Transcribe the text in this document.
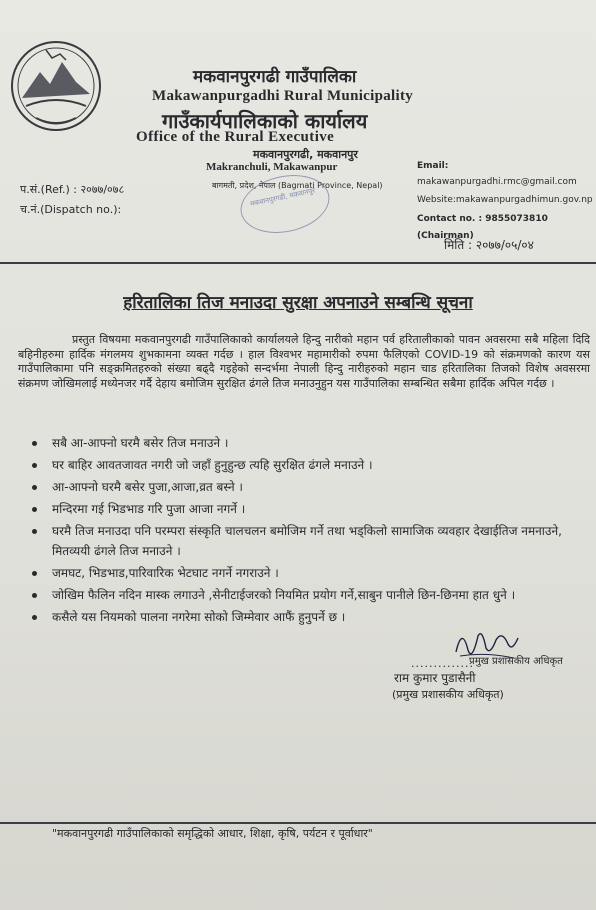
मकवानपुरगढी गाउँपालिका
Makawanpurgadhi Rural Municipality
गाउँकार्यपालिकाको कार्यालय
Office of the Rural Executive
मकवानपुरगढी, मकवानपुर
Makranchuli, Makawanpur
बागमती, प्रदेश, नेपाल (Bagmati Province, Nepal)
मकवानपुरगढी, मकवानपुर
Email:
makawanpurgadhi.rmc@gmail.com
Website:makawanpurgadhimun.gov.np
Contact no. : 9855073810
(Chairman)
प.सं.(Ref.) : २०७७/०७८
च.नं.(Dispatch no.):
मिति : २०७७/०५/०४
हरितालिका तिज मनाउदा सुरक्षा अपनाउने सम्बन्धि सूचना
प्रस्तुत विषयमा मकवानपुरगढी गाउँपालिकाको कार्यालयले हिन्दु नारीको महान पर्व हरितालीकाको पावन अवसरमा सबै महिला दिदि बहिनीहरुमा हार्दिक मंगलमय शुभकामना व्यक्त गर्दछ । हाल विश्वभर महामारीको रुपमा फैलिएको COVID-19 को संक्रमणको कारण यस गाउँपालिकामा पनि सङ्क्रमितहरुको संख्या बढ्दै गइहेको सन्दर्भमा नेपाली हिन्दु नारीहरुको महान चाड हरितालिका तिजको विशेष अवसरमा संक्रमण जोखिमलाई मध्येनजर गर्दै देहाय बमोजिम सुरक्षित ढंगले तिज मनाउनुहुन यस गाउँपालिका सम्बन्धित सबैमा हार्दिक अपिल गर्दछ ।
सबै आ-आफ्नो घरमै बसेर तिज मनाउने ।
घर बाहिर आवतजावत नगरी जो जहाँ हुनुहुन्छ त्यहि सुरक्षित ढंगले मनाउने ।
आ-आफ्नो घरमै बसेर पुजा,आजा,व्रत बस्ने ।
मन्दिरमा गई भिडभाड गरि पुजा आजा नगर्ने ।
घरमै तिज मनाउदा पनि परम्परा संस्कृति चालचलन बमोजिम गर्ने तथा भड्किलो सामाजिक व्यवहार देखाईतिज नमनाउने, मितव्ययी ढंगले तिज मनाउने ।
जमघट, भिडभाड,पारिवारिक भेटघाट नगर्ने नगराउने ।
जोखिम फैलिन नदिन मास्क लगाउने ,सेनीटाईजरको नियमित प्रयोग गर्ने,साबुन पानीले छिन-छिनमा हात धुने ।
कसैले यस नियमको पालना नगरेमा सोको जिम्मेवार आफैं हुनुपर्ने छ ।
..............
प्रमुख प्रशासकीय अधिकृत
राम कुमार पुडासैनी
(प्रमुख प्रशासकीय अधिकृत)
"मकवानपुरगढी गाउँपालिकाको समृद्धिको आधार, शिक्षा, कृषि, पर्यटन र पूर्वाधार"
